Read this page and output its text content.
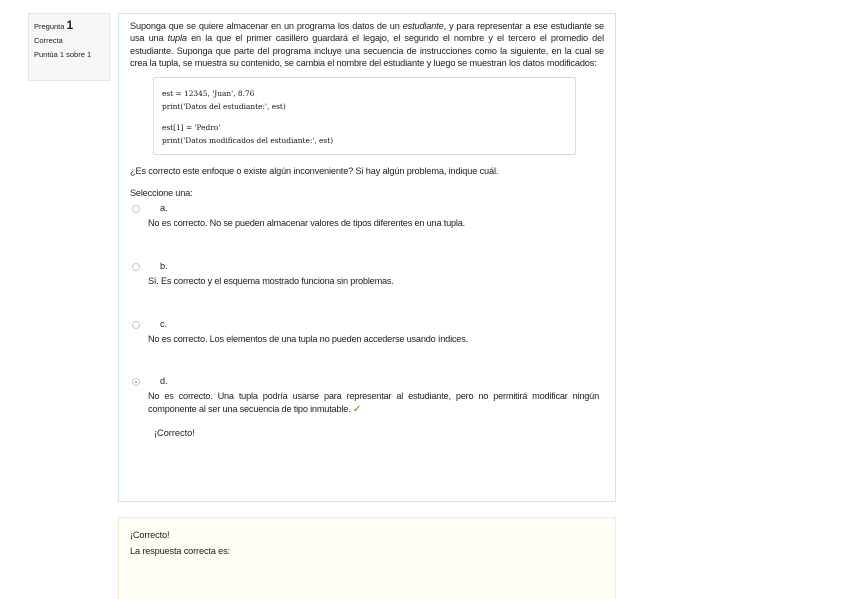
Pregunta 1
Correcta
Puntúa 1 sobre 1
Suponga que se quiere almacenar en un programa los datos de un estudiante, y para representar a ese estudiante se usa una tupla en la que el primer casillero guardará el legajo, el segundo el nombre y el tercero el promedio del estudiante. Suponga que parte del programa incluye una secuencia de instrucciones como la siguiente, en la cual se crea la tupla, se muestra su contenido, se cambia el nombre del estudiante y luego se muestran los datos modificados:
est = 12345, 'Juan', 8.76
print('Datos del estudiante:', est)
est[1] = 'Pedro'
print('Datos modificados del estudiante:', est)
¿Es correcto este enfoque o existe algún inconveniente? Si hay algún problema, indique cuál.
Seleccione una:
a.
No es correcto. No se pueden almacenar valores de tipos diferentes en una tupla.
b.
Sí. Es correcto y el esquema mostrado funciona sin problemas.
c.
No es correcto. Los elementos de una tupla no pueden accederse usando índices.
d.
No es correcto. Una tupla podría usarse para representar al estudiante, pero no permitirá modificar ningún componente al ser una secuencia de tipo inmutable. ✓
¡Correcto!
¡Correcto!
La respuesta correcta es:
